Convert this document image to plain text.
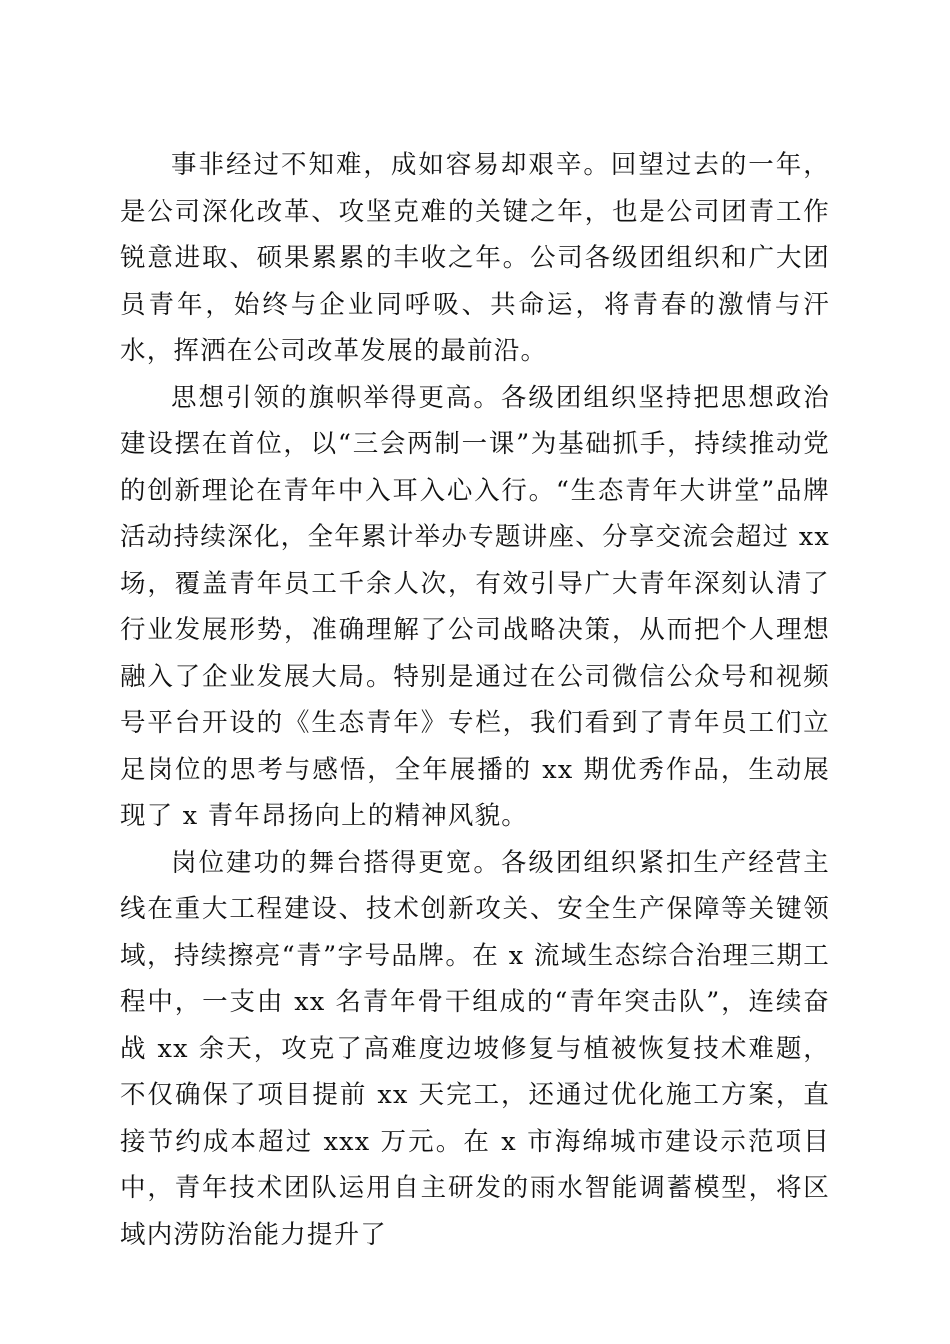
事非经过不知难，成如容易却艰辛。回望过去的一年，是公司深化改革、攻坚克难的关键之年，也是公司团青工作锐意进取、硕果累累的丰收之年。公司各级团组织和广大团员青年，始终与企业同呼吸、共命运，将青春的激情与汗水，挥洒在公司改革发展的最前沿。

思想引领的旗帜举得更高。各级团组织坚持把思想政治建设摆在首位，以“三会两制一课”为基础抓手，持续推动党的创新理论在青年中入耳入心入行。“生态青年大讲堂”品牌活动持续深化，全年累计举办专题讲座、分享交流会超过 xx 场，覆盖青年员工千余人次，有效引导广大青年深刻认清了行业发展形势，准确理解了公司战略决策，从而把个人理想融入了企业发展大局。特别是通过在公司微信公众号和视频号平台开设的《生态青年》专栏，我们看到了青年员工们立足岗位的思考与感悟，全年展播的 xx 期优秀作品，生动展现了 x 青年昂扬向上的精神风貌。

岗位建功的舞台搭得更宽。各级团组织紧扣生产经营主线在重大工程建设、技术创新攻关、安全生产保障等关键领域，持续擦亮“青”字号品牌。在 x 流域生态综合治理三期工程中，一支由 xx 名青年骨干组成的“青年突击队”，连续奋战 xx 余天，攻克了高难度边坡修复与植被恢复技术难题，不仅确保了项目提前 xx 天完工，还通过优化施工方案，直接节约成本超过 xxx 万元。在 x 市海绵城市建设示范项目中，青年技术团队运用自主研发的雨水智能调蓄模型，将区域内涝防治能力提升了
